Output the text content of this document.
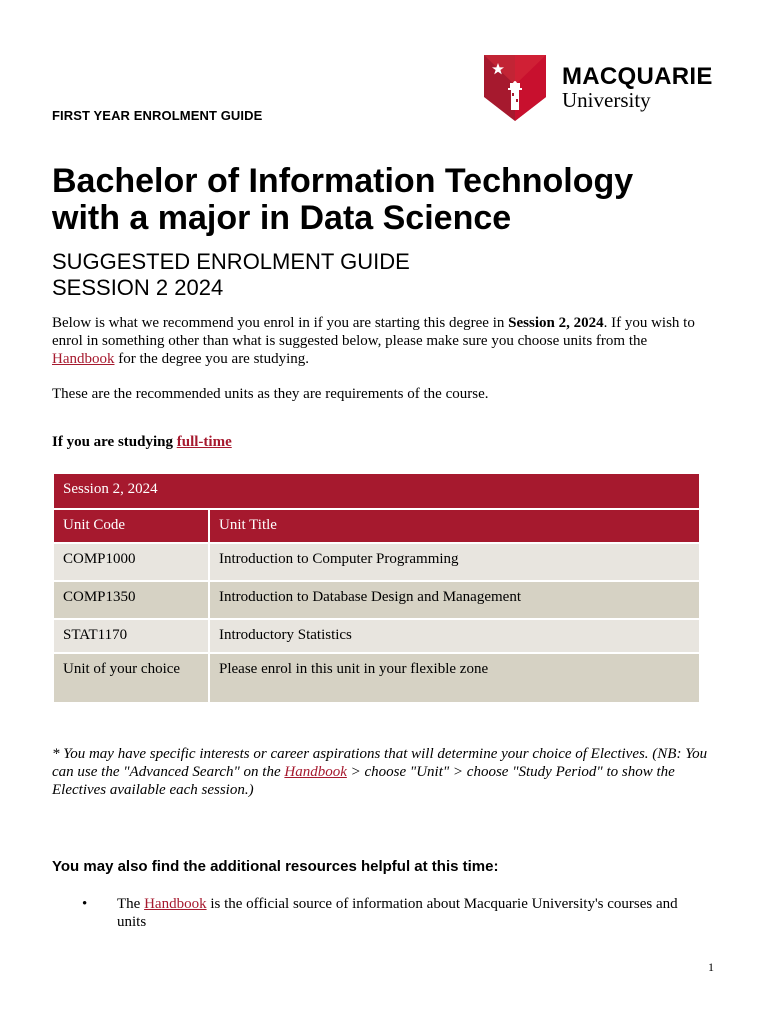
FIRST YEAR ENROLMENT GUIDE
MACQUARIE
University
Bachelor of Information Technology
with a major in Data Science
SUGGESTED ENROLMENT GUIDE
SESSION 2 2024

Below is what we recommend you enrol in if you are starting this degree in Session 2, 2024. If you wish to enrol in something other than what is suggested below, please make sure you choose units from the Handbook for the degree you are studying.

These are the recommended units as they are requirements of the course.

If you are studying full-time

Session 2, 2024	
Unit Code	Unit Title
COMP1000	Introduction to Computer Programming
COMP1350	Introduction to Database Design and Management
STAT1170	Introductory Statistics
Unit of your choice	Please enrol in this unit in your flexible zone

* You may have specific interests or career aspirations that will determine your choice of Electives. (NB: You can use the "Advanced Search" on the Handbook > choose "Unit" > choose "Study Period" to show the Electives available each session.)

You may also find the additional resources helpful at this time:

• The Handbook is the official source of information about Macquarie University's courses and units
1
